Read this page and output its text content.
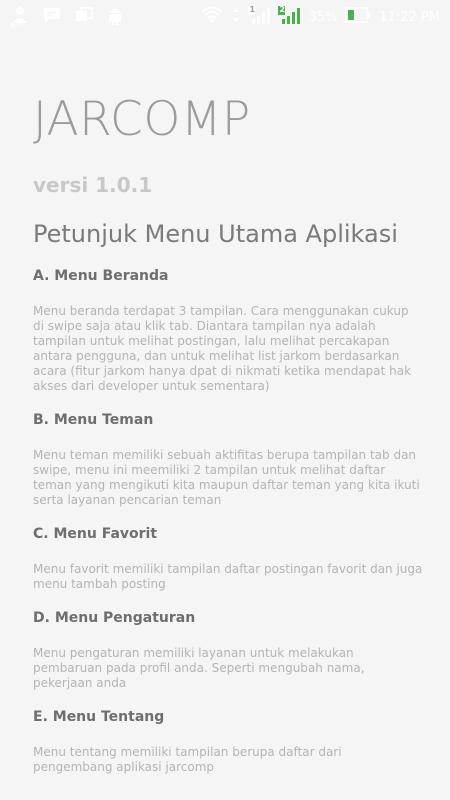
Ajan
1	2 35%	11:22 PM
JARCOMP
versi 1.0.1
Petunjuk Menu Utama Aplikasi
A. Menu Beranda
Menu beranda terdapat 3 tampilan. Cara menggunakan cukup di swipe saja atau klik tab. Diantara tampilan nya adalah tampilan untuk melihat postingan, lalu melihat percakapan antara pengguna, dan untuk melihat list jarkom berdasarkan acara (fitur jarkom hanya dpat di nikmati ketika mendapat hak akses dari developer untuk sementara)
B. Menu Teman
Menu teman memiliki sebuah aktifitas berupa tampilan tab dan swipe, menu ini meemiliki 2 tampilan untuk melihat daftar teman yang mengikuti kita maupun daftar teman yang kita ikuti serta layanan pencarian teman
C. Menu Favorit
Menu favorit memiliki tampilan daftar postingan favorit dan juga menu tambah posting
D. Menu Pengaturan
Menu pengaturan memiliki layanan untuk melakukan pembaruan pada profil anda. Seperti mengubah nama, pekerjaan anda
E. Menu Tentang
Menu tentang memiliki tampilan berupa daftar dari pengembang aplikasi jarcomp
